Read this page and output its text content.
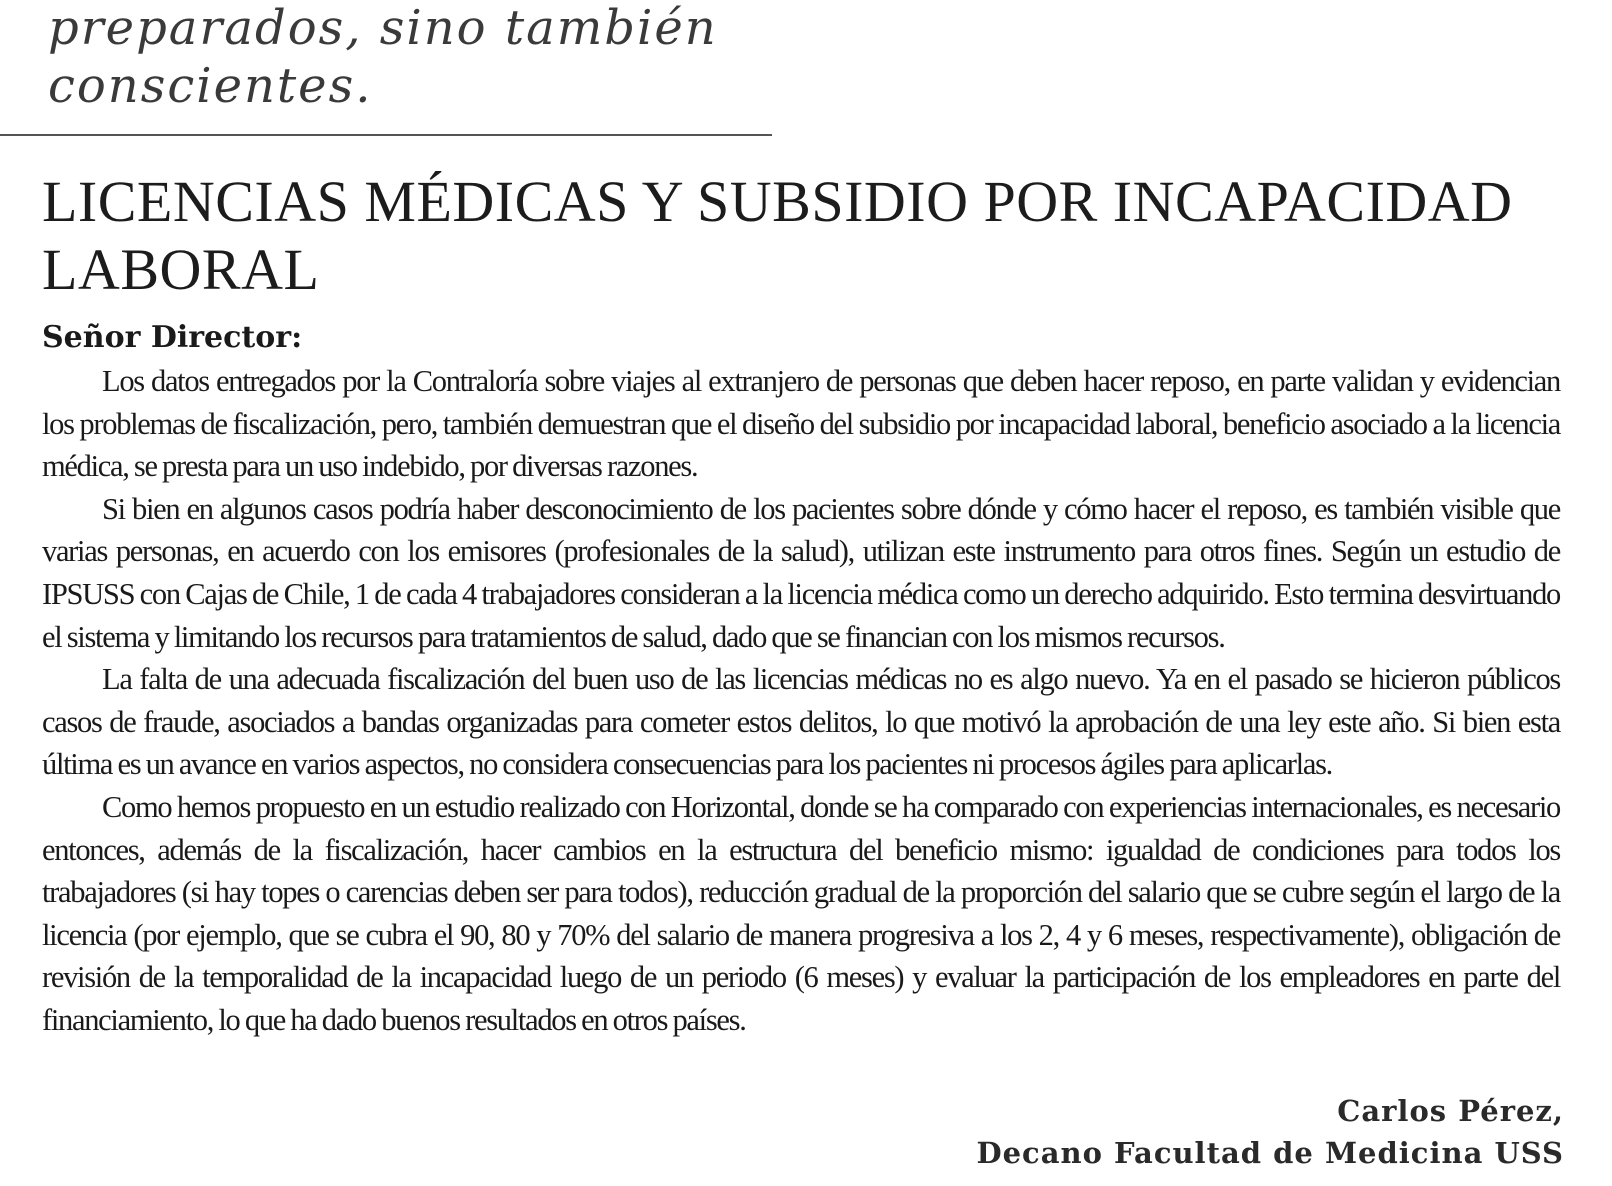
preparados, sino también
conscientes.
LICENCIAS MÉDICAS Y SUBSIDIO POR INCAPACIDAD LABORAL
Señor Director:

Los datos entregados por la Contraloría sobre viajes al extranjero de personas que deben hacer reposo, en parte validan y evidencian los problemas de fiscalización, pero, también demuestran que el diseño del subsidio por incapacidad laboral, beneficio asociado a la licencia médica, se presta para un uso indebido, por diversas razones.

Si bien en algunos casos podría haber desconocimiento de los pacientes sobre dónde y cómo hacer el reposo, es también visible que varias personas, en acuerdo con los emisores (profesionales de la salud), utilizan este instrumento para otros fines. Según un estudio de IPSUSS con Cajas de Chile, 1 de cada 4 trabajadores consideran a la licencia médica como un derecho adquirido. Esto termina desvirtuando el sistema y limitando los recursos para tratamientos de salud, dado que se financian con los mismos recursos.

La falta de una adecuada fiscalización del buen uso de las licencias médicas no es algo nuevo. Ya en el pasado se hicieron públicos casos de fraude, asociados a bandas organizadas para cometer estos delitos, lo que motivó la aprobación de una ley este año. Si bien esta última es un avance en varios aspectos, no considera consecuencias para los pacientes ni procesos ágiles para aplicarlas.

Como hemos propuesto en un estudio realizado con Horizontal, donde se ha comparado con experiencias internacionales, es necesario entonces, además de la fiscalización, hacer cambios en la estructura del beneficio mismo: igualdad de condiciones para todos los trabajadores (si hay topes o carencias deben ser para todos), reducción gradual de la proporción del salario que se cubre según el largo de la licencia (por ejemplo, que se cubra el 90, 80 y 70% del salario de manera progresiva a los 2, 4 y 6 meses, respectivamente), obligación de revisión de la temporalidad de la incapacidad luego de un periodo (6 meses) y evaluar la participación de los empleadores en parte del financiamiento, lo que ha dado buenos resultados en otros países.

Carlos Pérez,
Decano Facultad de Medicina USS
